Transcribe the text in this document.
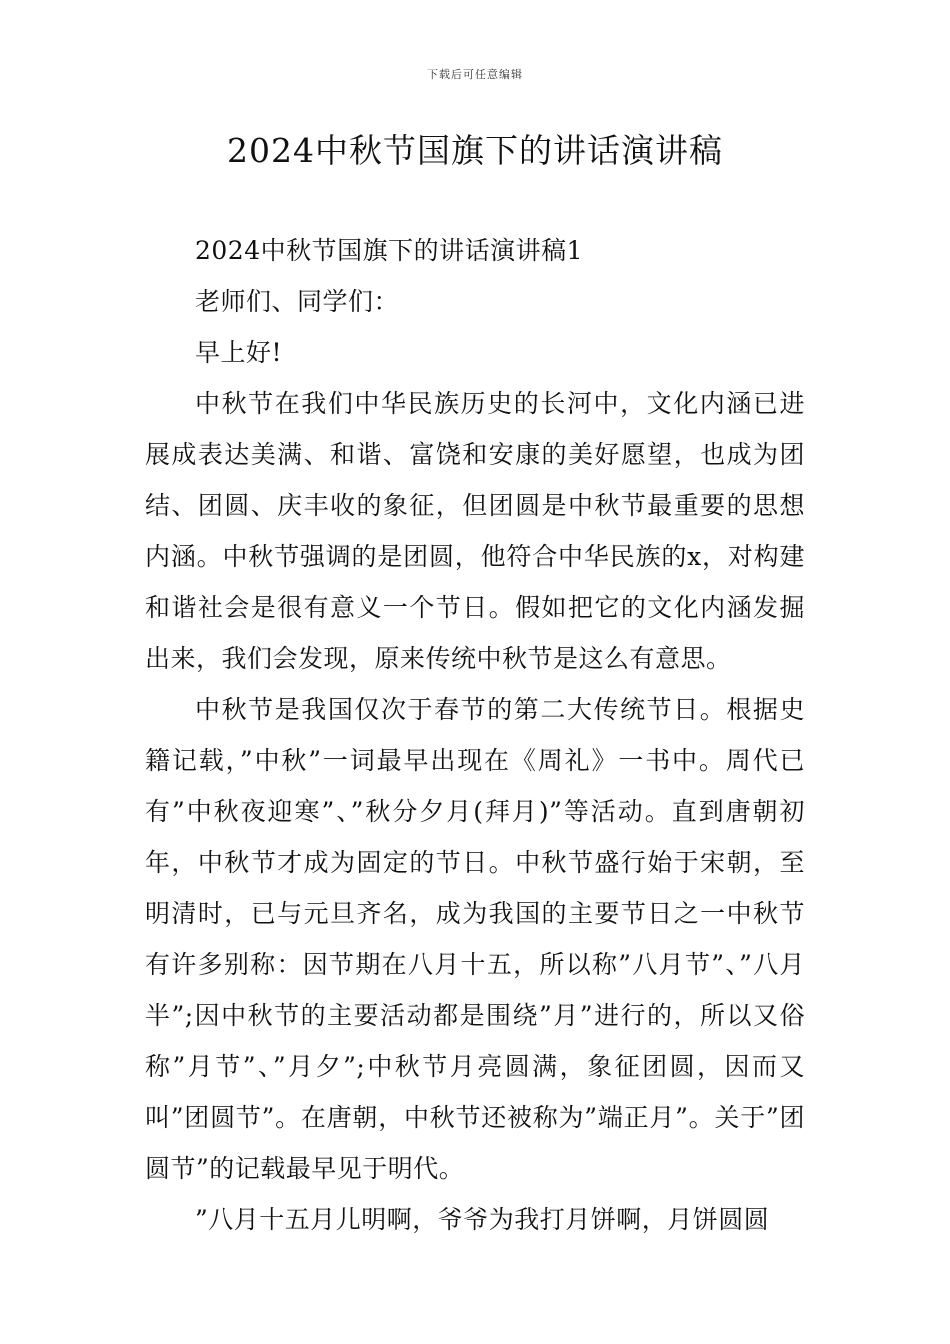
下载后可任意编辑
2024中秋节国旗下的讲话演讲稿

2024中秋节国旗下的讲话演讲稿1

老师们、同学们：

早上好!

中秋节在我们中华民族历史的长河中，文化内涵已进展成表达美满、和谐、富饶和安康的美好愿望，也成为团结、团圆、庆丰收的象征，但团圆是中秋节最重要的思想内涵。中秋节强调的是团圆，他符合中华民族的x，对构建和谐社会是很有意义一个节日。假如把它的文化内涵发掘出来，我们会发现，原来传统中秋节是这么有意思。

中秋节是我国仅次于春节的第二大传统节日。根据史籍记载，”中秋”一词最早出现在《周礼》一书中。周代已有”中秋夜迎寒”、”秋分夕月(拜月)”等活动。直到唐朝初年，中秋节才成为固定的节日。中秋节盛行始于宋朝，至明清时，已与元旦齐名，成为我国的主要节日之一中秋节有许多别称：因节期在八月十五，所以称”八月节”、”八月半”;因中秋节的主要活动都是围绕”月”进行的，所以又俗称”月节”、”月夕”;中秋节月亮圆满，象征团圆，因而又叫”团圆节”。在唐朝，中秋节还被称为”端正月”。关于”团圆节”的记载最早见于明代。

”八月十五月儿明啊，爷爷为我打月饼啊，月饼圆圆
